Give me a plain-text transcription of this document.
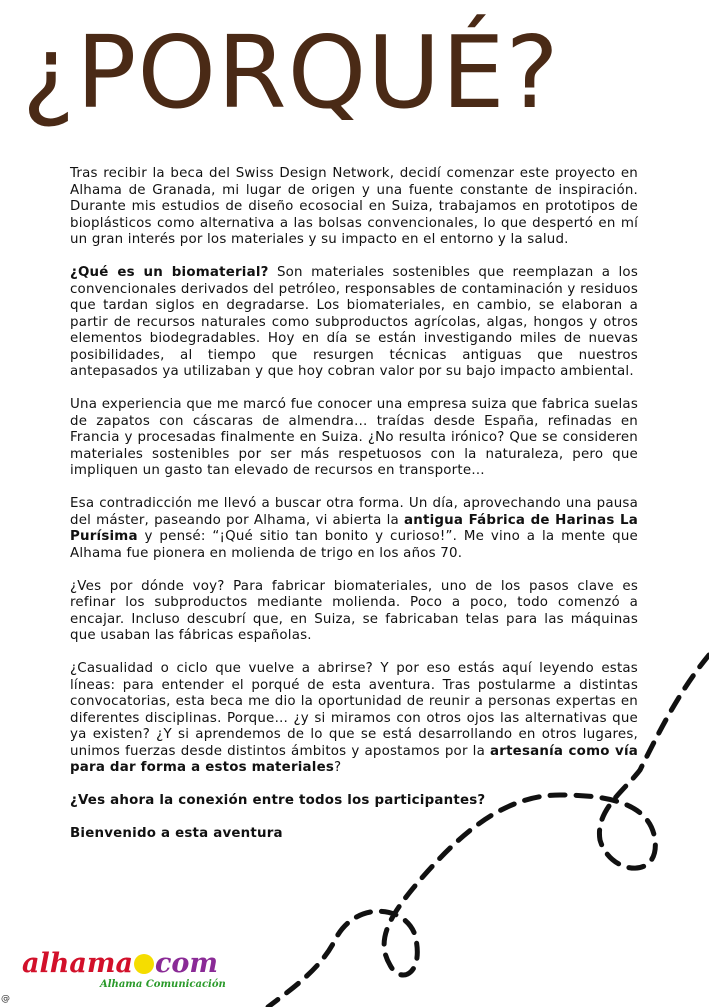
¿PORQUÉ?

Tras recibir la beca del Swiss Design Network, decidí comenzar este proyecto en Alhama de Granada, mi lugar de origen y una fuente constante de inspiración. Durante mis estudios de diseño ecosocial en Suiza, trabajamos en prototipos de bioplásticos como alternativa a las bolsas convencionales, lo que despertó en mí un gran interés por los materiales y su impacto en el entorno y la salud.

¿Qué es un biomaterial? Son materiales sostenibles que reemplazan a los convencionales derivados del petróleo, responsables de contaminación y residuos que tardan siglos en degradarse. Los biomateriales, en cambio, se elaboran a partir de recursos naturales como subproductos agrícolas, algas, hongos y otros elementos biodegradables. Hoy en día se están investigando miles de nuevas posibilidades, al tiempo que resurgen técnicas antiguas que nuestros antepasados ya utilizaban y que hoy cobran valor por su bajo impacto ambiental.

Una experiencia que me marcó fue conocer una empresa suiza que fabrica suelas de zapatos con cáscaras de almendra… traídas desde España, refinadas en Francia y procesadas finalmente en Suiza. ¿No resulta irónico? Que se consideren materiales sostenibles por ser más respetuosos con la naturaleza, pero que impliquen un gasto tan elevado de recursos en transporte…

Esa contradicción me llevó a buscar otra forma. Un día, aprovechando una pausa del máster, paseando por Alhama, vi abierta la antigua Fábrica de Harinas La Purísima y pensé: “¡Qué sitio tan bonito y curioso!”. Me vino a la mente que Alhama fue pionera en molienda de trigo en los años 70.

¿Ves por dónde voy? Para fabricar biomateriales, uno de los pasos clave es refinar los subproductos mediante molienda. Poco a poco, todo comenzó a encajar. Incluso descubrí que, en Suiza, se fabricaban telas para las máquinas que usaban las fábricas españolas.

¿Casualidad o ciclo que vuelve a abrirse? Y por eso estás aquí leyendo estas líneas: para entender el porqué de esta aventura. Tras postularme a distintas convocatorias, esta beca me dio la oportunidad de reunir a personas expertas en diferentes disciplinas. Porque… ¿y si miramos con otros ojos las alternativas que ya existen? ¿Y si aprendemos de lo que se está desarrollando en otros lugares, unimos fuerzas desde distintos ámbitos y apostamos por la artesanía como vía para dar forma a estos materiales?

¿Ves ahora la conexión entre todos los participantes?

Bienvenido a esta aventura

alhama com
Alhama Comunicación
@
